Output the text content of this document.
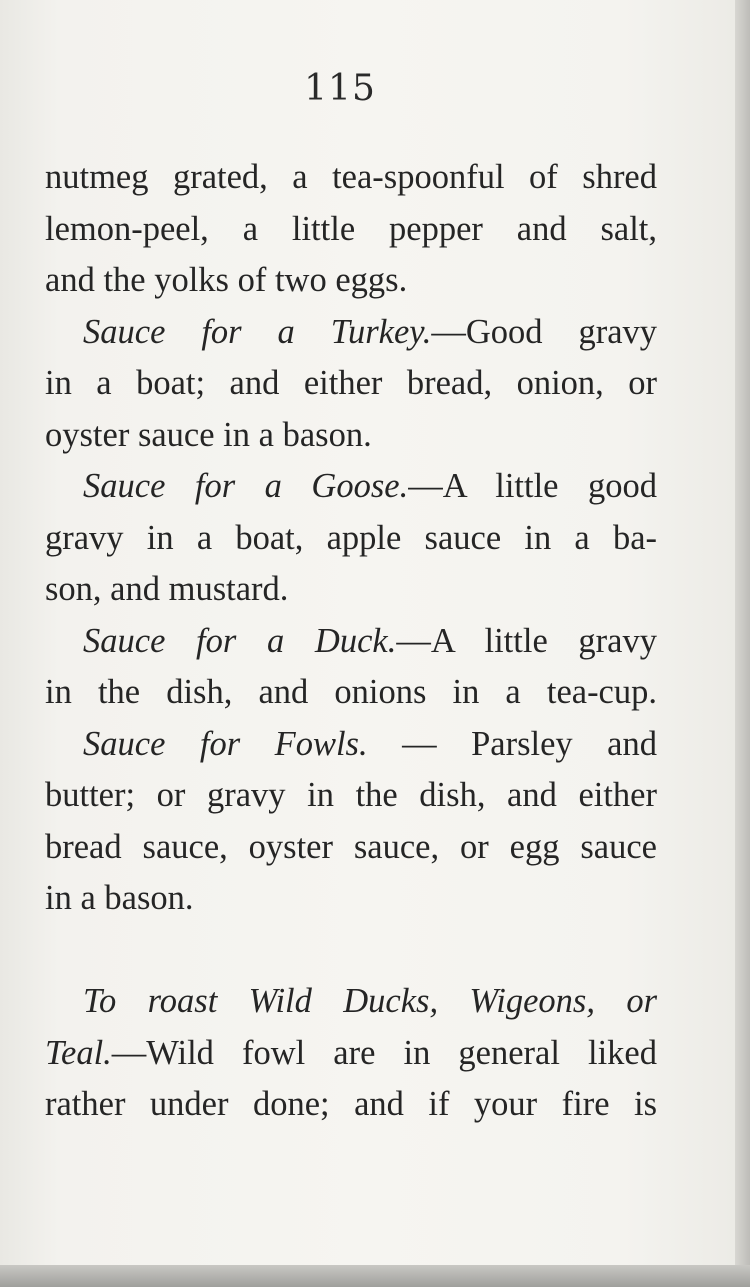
115
nutmeg grated, a tea-spoonful of shred
lemon-peel, a little pepper and salt,
and the yolks of two eggs.
Sauce for a Turkey.—Good gravy
in a boat; and either bread, onion, or
oyster sauce in a bason.
Sauce for a Goose.—A little good
gravy in a boat, apple sauce in a ba-
son, and mustard.
Sauce for a Duck.—A little gravy
in the dish, and onions in a tea-cup.
Sauce for Fowls. — Parsley and
butter; or gravy in the dish, and either
bread sauce, oyster sauce, or egg sauce
in a bason.
To roast Wild Ducks, Wigeons, or
Teal.—Wild fowl are in general liked
rather under done; and if your fire is
